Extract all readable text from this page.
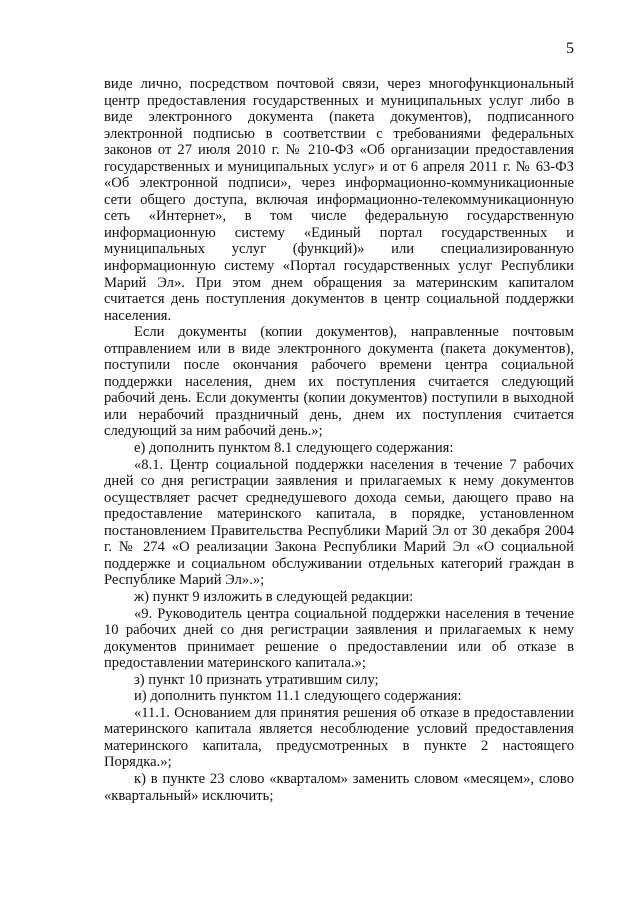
5

виде лично, посредством почтовой связи, через многофункциональный центр предоставления государственных и муниципальных услуг либо в виде электронного документа (пакета документов), подписанного электронной подписью в соответствии с требованиями федеральных законов от 27 июля 2010 г. № 210-ФЗ «Об организации предоставления государственных и муниципальных услуг» и от 6 апреля 2011 г. № 63-ФЗ «Об электронной подписи», через информационно-коммуникационные сети общего доступа, включая информационно-телекоммуникационную сеть «Интернет», в том числе федеральную государственную информационную систему «Единый портал государственных и муниципальных услуг (функций)» или специализированную информационную систему «Портал государственных услуг Республики Марий Эл». При этом днем обращения за материнским капиталом считается день поступления документов в центр социальной поддержки населения.

Если документы (копии документов), направленные почтовым отправлением или в виде электронного документа (пакета документов), поступили после окончания рабочего времени центра социальной поддержки населения, днем их поступления считается следующий рабочий день. Если документы (копии документов) поступили в выходной или нерабочий праздничный день, днем их поступления считается следующий за ним рабочий день.»;

е) дополнить пунктом 8.1 следующего содержания:

«8.1. Центр социальной поддержки населения в течение 7 рабочих дней со дня регистрации заявления и прилагаемых к нему документов осуществляет расчет среднедушевого дохода семьи, дающего право на предоставление материнского капитала, в порядке, установленном постановлением Правительства Республики Марий Эл от 30 декабря 2004 г. № 274 «О реализации Закона Республики Марий Эл «О социальной поддержке и социальном обслуживании отдельных категорий граждан в Республике Марий Эл».»;

ж) пункт 9 изложить в следующей редакции:

«9. Руководитель центра социальной поддержки населения в течение 10 рабочих дней со дня регистрации заявления и прилагаемых к нему документов принимает решение о предоставлении или об отказе в предоставлении материнского капитала.»;

з) пункт 10 признать утратившим силу;

и) дополнить пунктом 11.1 следующего содержания:

«11.1. Основанием для принятия решения об отказе в предоставлении материнского капитала является несоблюдение условий предоставления материнского капитала, предусмотренных в пункте 2 настоящего Порядка.»;

к) в пункте 23 слово «кварталом» заменить словом «месяцем», слово «квартальный» исключить;
